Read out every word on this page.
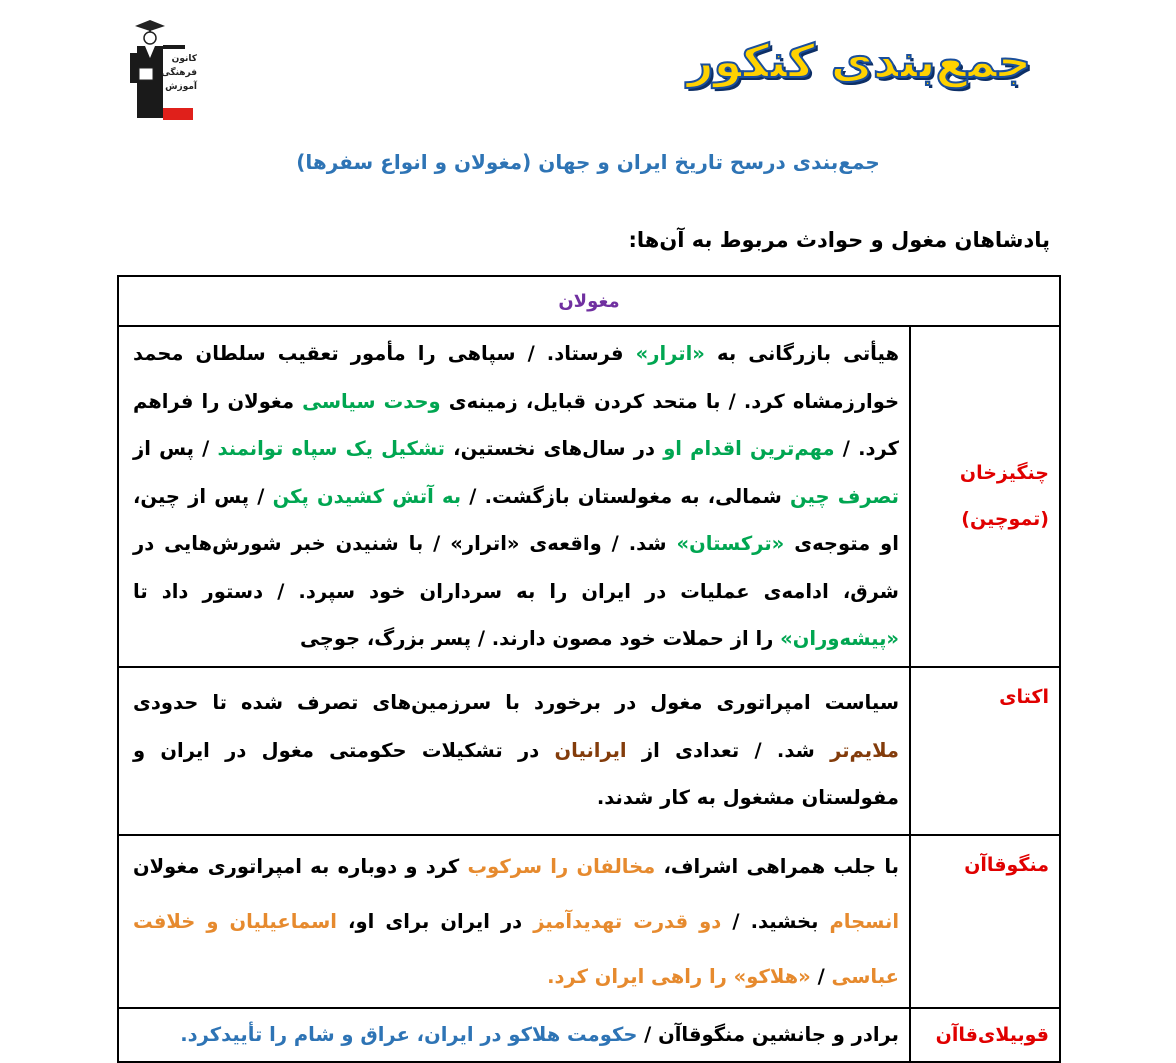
کانون
فرهنگی
آموزش
قلم‌چی
جمع‌بندی کنکور
جمع‌بندی درسح تاریخ ایران و جهان (مغولان و انواع سفرها)
پادشاهان مغول و حوادث مربوط به آن‌ها:
مغولان	

چنگیزخان
(تموچین)	هیأتی بازرگانی به «اترار» فرستاد. / سپاهی را مأمور تعقیب سلطان محمد خوارزمشاه کرد. / با متحد کردن قبایل، زمینه‌ی وحدت سیاسی مغولان را فراهم کرد. / مهم‌ترین اقدام او در سال‌های نخستین، تشکیل یک سپاه توانمند / پس از تصرف چین شمالی، به مغولستان بازگشت. / به آتش کشیدن پکن / پس از چین، او متوجه‌ی «ترکستان» شد. / واقعه‌ی «اترار» / با شنیدن خبر شورش‌هایی در شرق، ادامه‌ی عملیات در ایران را به سرداران خود سپرد. / دستور داد تا «پیشه‌وران» را از حملات خود مصون دارند. / پسر بزرگ، جوچی
اکتای	سیاست امپراتوری مغول در برخورد با سرزمین‌های تصرف شده تا حدودی ملایم‌تر شد. / تعدادی از ایرانیان در تشکیلات حکومتی مغول در ایران و مفولستان مشغول به کار شدند.
منگوقاآن	با جلب همراهی اشراف، مخالفان را سرکوب کرد و دوباره به امپراتوری مغولان انسجام بخشید. / دو قدرت تهدیدآمیز در ایران برای او، اسماعیلیان و خلافت عباسی / «هلاکو» را راهی ایران کرد.
قوبیلای‌قاآن	برادر و جانشین منگوقاآن / حکومت هلاکو در ایران، عراق و شام را تأییدکرد.
